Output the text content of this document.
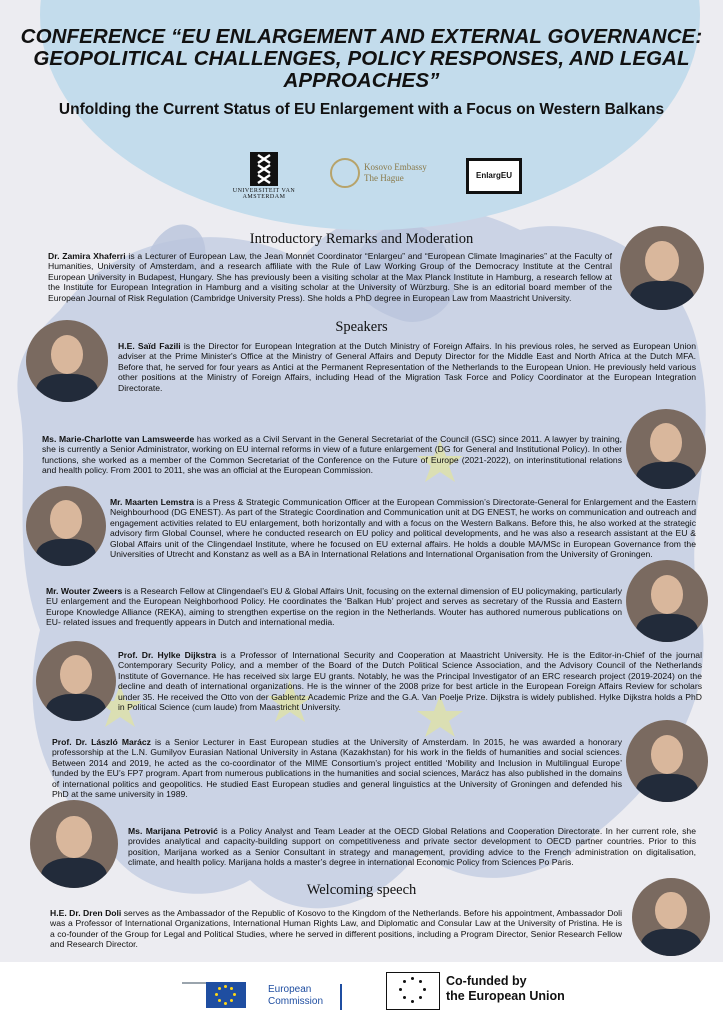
CONFERENCE “EU ENLARGEMENT AND EXTERNAL GOVERNANCE: GEOPOLITICAL CHALLENGES, POLICY RESPONSES, AND LEGAL APPROACHES”
Unfolding the Current Status of EU Enlargement with a Focus on Western Balkans
UNIVERSITEIT VAN AMSTERDAM
Kosovo Embassy
The Hague	EnlargEU
Introductory Remarks and Moderation
Dr. Zamira Xhaferri is a Lecturer of European Law, the Jean Monnet Coordinator “Enlargeu” and “European Climate Imaginaries” at the Faculty of Humanities, University of Amsterdam, and a research affiliate with the Rule of Law Working Group of the Democracy Institute at the Central European University in Budapest, Hungary. She has previously been a visiting scholar at the Max Planck Institute in Hamburg, a research fellow at the Institute for European Integration in Hamburg and a visiting scholar at the University of Würzburg. She is an editorial board member of the European Journal of Risk Regulation (Cambridge University Press). She holds a PhD degree in European Law from Maastricht University.
Speakers
H.E. Saïd Fazili is the Director for European Integration at the Dutch Ministry of Foreign Affairs. In his previous roles, he served as European Union adviser at the Prime Minister's Office at the Ministry of General Affairs and Deputy Director for the Middle East and North Africa at the Dutch MFA. Before that, he served for four years as Antici at the Permanent Representation of the Netherlands to the European Union. He previously held various other positions at the Ministry of Foreign Affairs, including Head of the Migration Task Force and Policy Coordinator at the European Integration Directorate.
Ms. Marie-Charlotte van Lamsweerde has worked as a Civil Servant in the General Secretariat of the Council (GSC) since 2011. A lawyer by training, she is currently a Senior Administrator, working on EU internal reforms in view of a future enlargement (DG for General and Institutional Policy). In other functions, she worked as a member of the Common Secretariat of the Conference on the Future of Europe (2021-2022), on interinstitutional relations and health policy. From 2001 to 2011, she was an official at the European Commission.
Mr. Maarten Lemstra is a Press & Strategic Communication Officer at the European Commission’s Directorate-General for Enlargement and the Eastern Neighbourhood (DG ENEST). As part of the Strategic Coordination and Communication unit at DG ENEST, he works on communication and outreach and engagement activities related to EU enlargement, both horizontally and with a focus on the Western Balkans. Before this, he also worked at the strategic advisory firm Global Counsel, where he conducted research on EU policy and political developments, and he was also a research assistant at the EU & Global Affairs unit of the Clingendael Institute, where he focused on EU external affairs. He holds a double MA/MSc in European Governance from the Universities of Utrecht and Konstanz as well as a BA in International Relations and International Organisation from the University of Groningen.
Mr. Wouter Zweers is a Research Fellow at Clingendael’s EU & Global Affairs Unit, focusing on the external dimension of EU policymaking, particularly EU enlargement and the European Neighborhood Policy. He coordinates the ‘Balkan Hub’ project and serves as secretary of the Russia and Eastern Europe Knowledge Alliance (REKA), aiming to strengthen expertise on the region in the Netherlands. Wouter has authored numerous publications on EU- related issues and frequently appears in Dutch and international media.
Prof. Dr. Hylke Dijkstra is a Professor of International Security and Cooperation at Maastricht University. He is the Editor-in-Chief of the journal Contemporary Security Policy, and a member of the Board of the Dutch Political Science Association, and the Advisory Council of the Netherlands Institute of Governance. He has received six large EU grants. Notably, he was the Principal Investigator of an ERC research project (2019-2024) on the decline and death of international organizations. He is the winner of the 2008 prize for best article in the European Foreign Affairs Review for scholars under 35. He received the Otto von der Gablentz Academic Prize and the G.A. Van Poelje Prize. Dijkstra is widely published. Hylke Dijkstra holds a PhD in Political Science (cum laude) from Maastricht University.
Prof. Dr. László Marácz is a Senior Lecturer in East European studies at the University of Amsterdam. In 2015, he was awarded a honorary professorship at the L.N. Gumilyov Eurasian National University in Astana (Kazakhstan) for his work in the fields of humanities and social sciences. Between 2014 and 2019, he acted as the co-coordinator of the MIME Consortium’s project entitled ‘Mobility and Inclusion in Multilingual Europe’ funded by the EU’s FP7 program. Apart from numerous publications in the humanities and social sciences, Marácz has also published in the domains of international politics and geopolitics. He studied East European studies and general linguistics at the University of Groningen and defended his PhD at the same university in 1989.
Ms. Marijana Petrović is a Policy Analyst and Team Leader at the OECD Global Relations and Cooperation Directorate. In her current role, she provides analytical and capacity-building support on competitiveness and private sector development to OECD partner countries. Prior to this position, Marijana worked as a Senior Consultant in strategy and management, providing advice to the French administration on digitalisation, climate, and health policy. Marijana holds a master’s degree in international Economic Policy from Sciences Po Paris.
Welcoming speech
H.E. Dr. Dren Doli serves as the Ambassador of the Republic of Kosovo to the Kingdom of the Netherlands. Before his appointment, Ambassador Doli was a Professor of International Organizations, International Human Rights Law, and Diplomatic and Consular Law at the University of Pristina. He is a co-founder of the Group for Legal and Political Studies, where he served in different positions, including a Program Director, Senior Research Fellow and Research Director.
European
Commission
Co-funded by
the European Union
